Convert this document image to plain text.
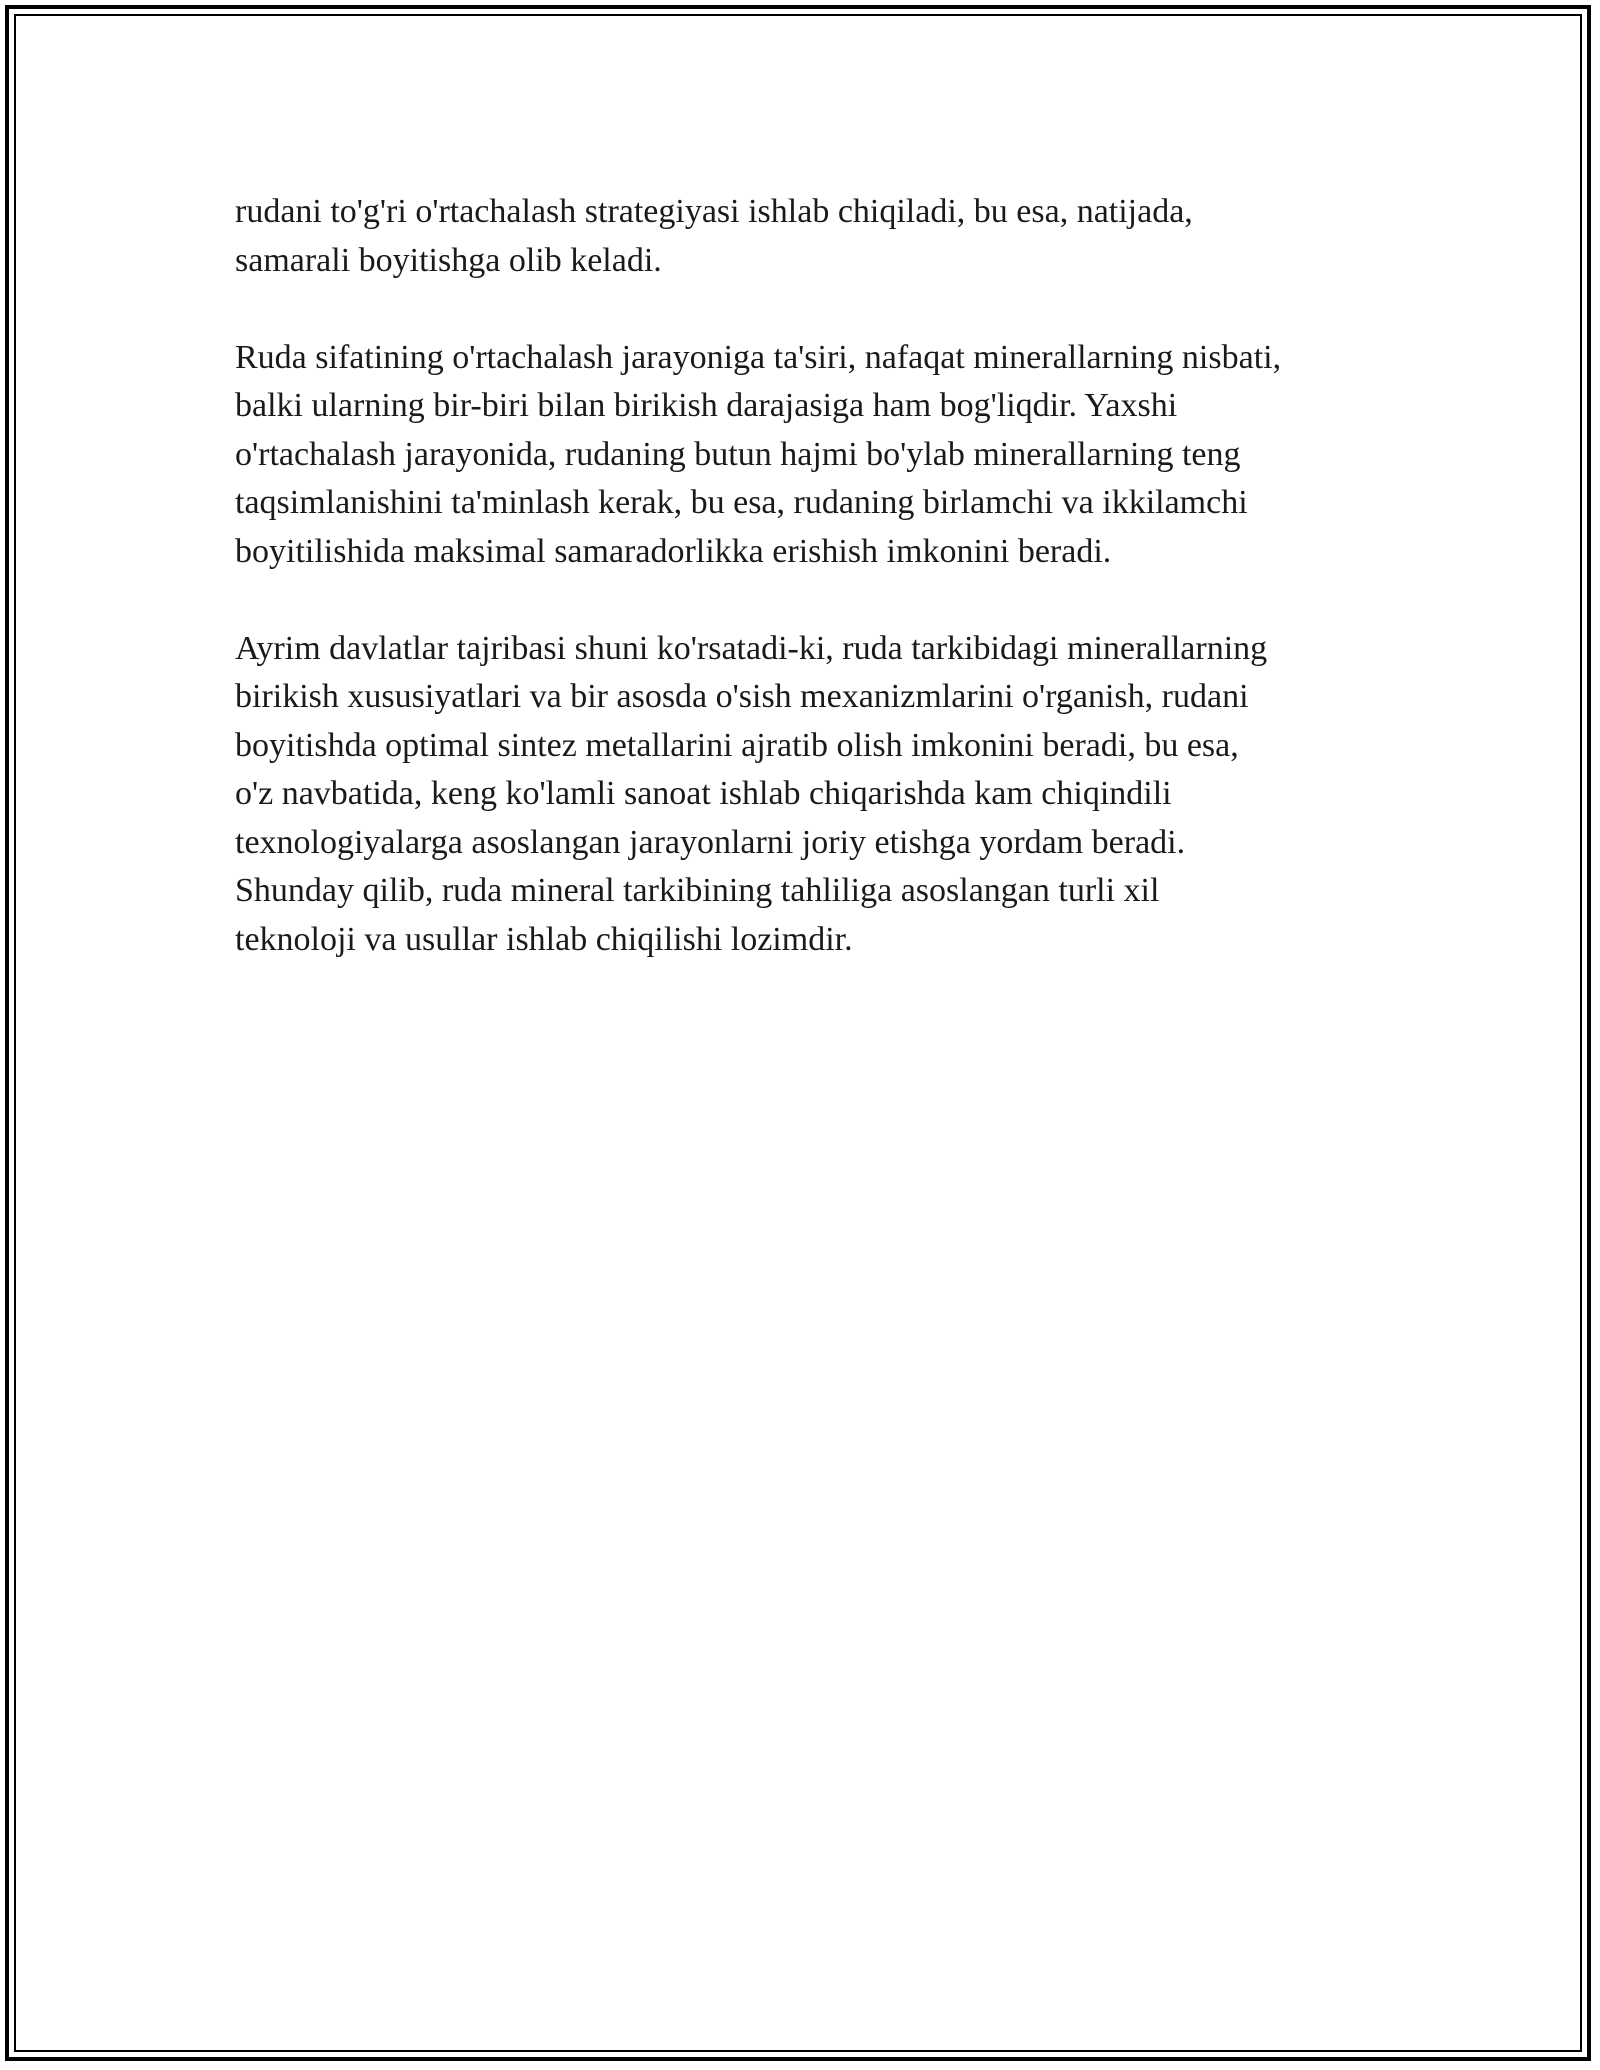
rudani to'g'ri o'rtachalash strategiyasi ishlab chiqiladi, bu esa, natijada,
samarali boyitishga olib keladi.

Ruda sifatining o'rtachalash jarayoniga ta'siri, nafaqat minerallarning nisbati,
balki ularning bir-biri bilan birikish darajasiga ham bog'liqdir. Yaxshi
o'rtachalash jarayonida, rudaning butun hajmi bo'ylab minerallarning teng
taqsimlanishini ta'minlash kerak, bu esa, rudaning birlamchi va ikkilamchi
boyitilishida maksimal samaradorlikka erishish imkonini beradi.

Ayrim davlatlar tajribasi shuni ko'rsatadi-ki, ruda tarkibidagi minerallarning
birikish xususiyatlari va bir asosda o'sish mexanizmlarini o'rganish, rudani
boyitishda optimal sintez metallarini ajratib olish imkonini beradi, bu esa,
o'z navbatida, keng ko'lamli sanoat ishlab chiqarishda kam chiqindili
texnologiyalarga asoslangan jarayonlarni joriy etishga yordam beradi.
Shunday qilib, ruda mineral tarkibining tahliliga asoslangan turli xil
teknoloji va usullar ishlab chiqilishi lozimdir.
